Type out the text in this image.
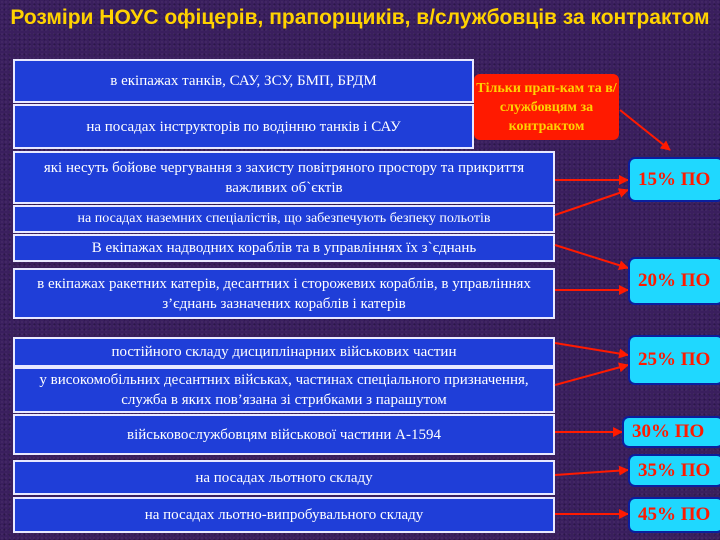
Розміри НОУС офіцерів, прапорщиків, в/службовців за контрактом
в екіпажах танків, САУ, ЗСУ, БМП, БРДМ
на посадах інструкторів по водінню танків і САУ
які несуть бойове чергування з захисту повітряного простору та прикриття важливих об`єктів
на посадах наземних спеціалістів, що забезпечують безпеку польотів
В екіпажах надводних кораблів та в управліннях їх з`єднань
в екіпажах ракетних катерів, десантних і сторожевих кораблів, в управліннях з’єднань зазначених кораблів і катерів
постійного складу дисциплінарних військових частин
у високомобільних десантних військах, частинах спеціального призначення, служба в яких пов’язана зі стрибками з парашутом
військовослужбовцям військової частини А-1594
на посадах льотного складу
на посадах льотно-випробувального складу
Тільки прап-кам та в/службовцям за контрактом
15% ПО
20% ПО
25% ПО
30% ПО
35% ПО
45% ПО
